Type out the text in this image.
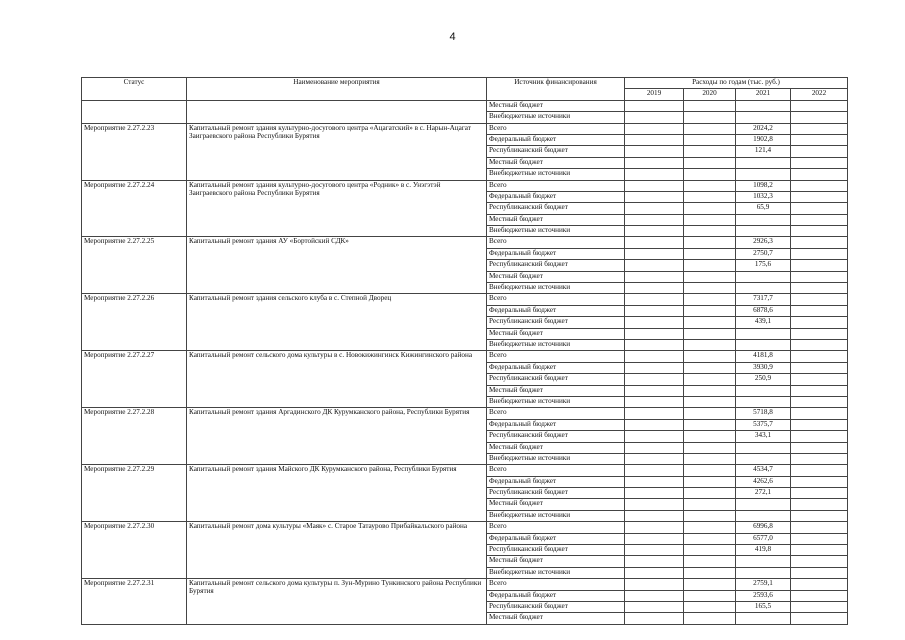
4
Статус	Наименование мероприятия	Источник финансирования	Расходы по годам (тыс. руб.)			
			2019	2020	2021	2022
		Местный бюджет				
		Внебюджетные источники				
Мероприятие 2.27.2.23	Капитальный ремонт здания культурно-досугового центра «Ацагатский» в с. Нарын-Ацагат Заиграевского района Республики Бурятия	Всего			2024,2	
		Федеральный бюджет			1902,8	
		Республиканский бюджет			121,4	
		Местный бюджет				
		Внебюджетные источники				
Мероприятие 2.27.2.24	Капитальный ремонт здания культурно-досугового центра «Родник» в с. Унэгэтэй Заиграевского района Республики Бурятия	Всего			1098,2	
		Федеральный бюджет			1032,3	
		Республиканский бюджет			65,9	
		Местный бюджет				
		Внебюджетные источники				
Мероприятие 2.27.2.25	Капитальный ремонт здания АУ «Бортойский СДК»	Всего			2926,3	
		Федеральный бюджет			2750,7	
		Республиканский бюджет			175,6	
		Местный бюджет				
		Внебюджетные источники				
Мероприятие 2.27.2.26	Капитальный ремонт здания сельского клуба в с. Степной Дворец	Всего			7317,7	
		Федеральный бюджет			6878,6	
		Республиканский бюджет			439,1	
		Местный бюджет				
		Внебюджетные источники				
Мероприятие 2.27.2.27	Капитальный ремонт сельского дома культуры в с. Новокижингинск Кижингинского района	Всего			4181,8	
		Федеральный бюджет			3930,9	
		Республиканский бюджет			250,9	
		Местный бюджет				
		Внебюджетные источники				
Мероприятие 2.27.2.28	Капитальный ремонт здания Аргадинского ДК Курумканского района, Республики Бурятия	Всего			5718,8	
		Федеральный бюджет			5375,7	
		Республиканский бюджет			343,1	
		Местный бюджет				
		Внебюджетные источники				
Мероприятие 2.27.2.29	Капитальный ремонт здания Майского ДК Курумканского района, Республики Бурятия	Всего			4534,7	
		Федеральный бюджет			4262,6	
		Республиканский бюджет			272,1	
		Местный бюджет				
		Внебюджетные источники				
Мероприятие 2.27.2.30	Капитальный ремонт дома культуры «Маяк» с. Старое Татаурово Прибайкальского района	Всего			6996,8	
		Федеральный бюджет			6577,0	
		Республиканский бюджет			419,8	
		Местный бюджет				
		Внебюджетные источники				
Мероприятие 2.27.2.31	Капитальный ремонт сельского дома культуры п. Зун-Мурино Тункинского района Республики Бурятия	Всего			2759,1	
		Федеральный бюджет			2593,6	
		Республиканский бюджет			165,5	
		Местный бюджет				
